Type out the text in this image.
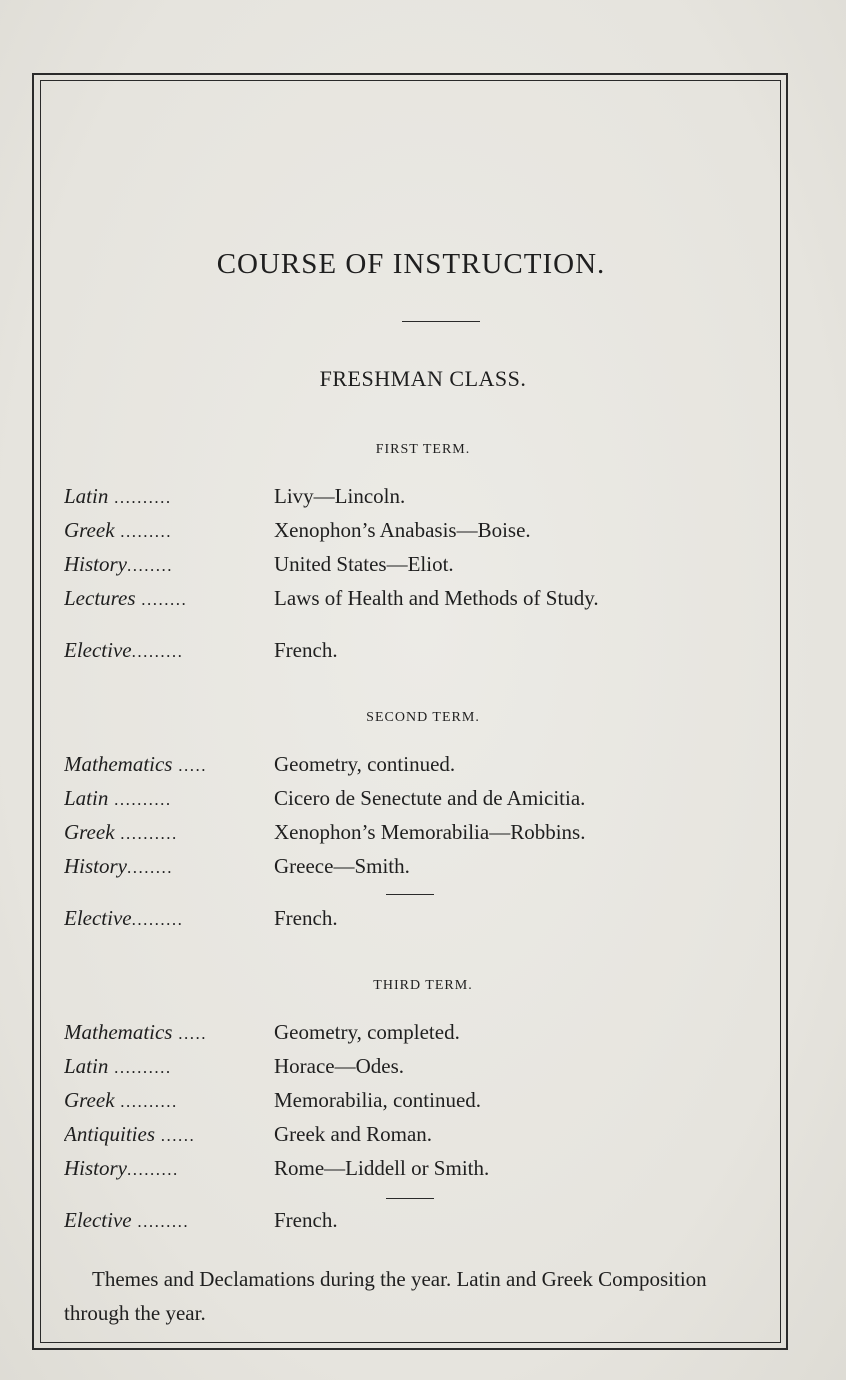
COURSE OF INSTRUCTION.
FRESHMAN CLASS.
FIRST TERM.
Latin ..........	Livy—Lincoln.
Greek .........	Xenophon’s Anabasis—Boise.
History........	United States—Eliot.
Lectures ........	Laws of Health and Methods of Study.
Elective.........	French.
SECOND TERM.
Mathematics .....	Geometry, continued.
Latin ..........	Cicero de Senectute and de Amicitia.
Greek ..........	Xenophon’s Memorabilia—Robbins.
History........	Greece—Smith.
Elective.........	French.
THIRD TERM.
Mathematics .....	Geometry, completed.
Latin ..........	Horace—Odes.
Greek ..........	Memorabilia, continued.
Antiquities ......	Greek and Roman.
History.........	Rome—Liddell or Smith.
Elective .........	French.
Themes and Declamations during the year. Latin and Greek Composition through the year.
